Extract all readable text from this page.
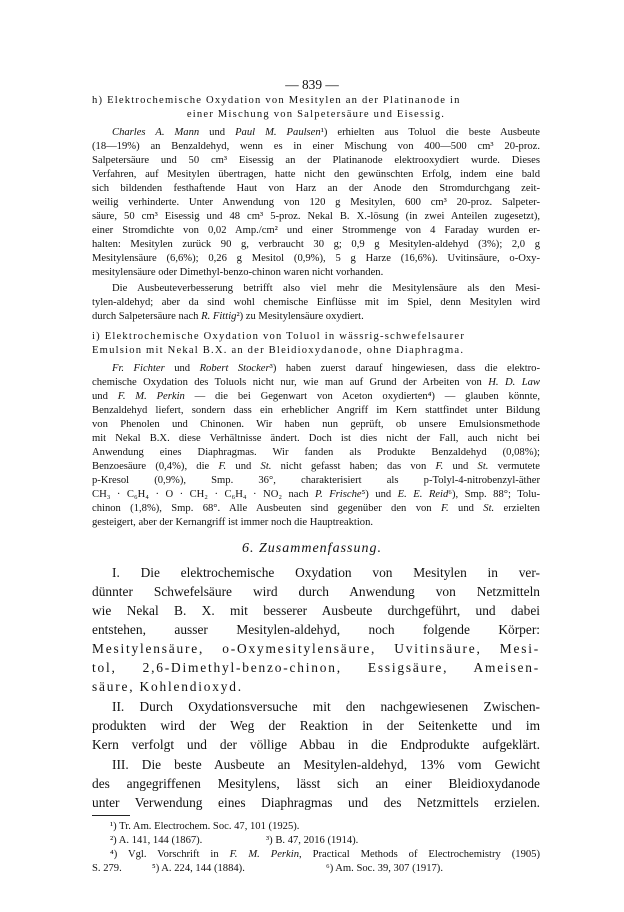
— 839 —
h) Elektrochemische Oxydation von Mesitylen an der Platinanode in
einer Mischung von Salpetersäure und Eisessig.
Charles A. Mann und Paul M. Paulsen¹) erhielten aus Toluol die beste Ausbeute
(18—19%) an Benzaldehyd, wenn es in einer Mischung von 400—500 cm³ 20-proz.
Salpetersäure und 50 cm³ Eisessig an der Platinanode elektrooxydiert wurde. Dieses
Verfahren, auf Mesitylen übertragen, hatte nicht den gewünschten Erfolg, indem eine bald
sich bildenden festhaftende Haut von Harz an der Anode den Stromdurchgang zeit-
weilig verhinderte. Unter Anwendung von 120 g Mesitylen, 600 cm³ 20-proz. Salpeter-
säure, 50 cm³ Eisessig und 48 cm³ 5-proz. Nekal B. X.-lösung (in zwei Anteilen zugesetzt),
einer Stromdichte von 0,02 Amp./cm² und einer Strommenge von 4 Faraday wurden er-
halten: Mesitylen zurück 90 g, verbraucht 30 g; 0,9 g Mesitylen-aldehyd (3%); 2,0 g
Mesitylensäure (6,6%); 0,26 g Mesitol (0,9%), 5 g Harze (16,6%). Uvitinsäure, o-Oxy-
mesitylensäure oder Dimethyl-benzo-chinon waren nicht vorhanden.
Die Ausbeuteverbesserung betrifft also viel mehr die Mesitylensäure als den Mesi-
tylen-aldehyd; aber da sind wohl chemische Einflüsse mit im Spiel, denn Mesitylen wird
durch Salpetersäure nach R. Fittig²) zu Mesitylensäure oxydiert.
i) Elektrochemische Oxydation von Toluol in wässrig-schwefelsaurer
Emulsion mit Nekal B.X. an der Bleidioxydanode, ohne Diaphragma.
Fr. Fichter und Robert Stocker³) haben zuerst darauf hingewiesen, dass die elektro-
chemische Oxydation des Toluols nicht nur, wie man auf Grund der Arbeiten von H. D. Law
und F. M. Perkin — die bei Gegenwart von Aceton oxydierten⁴) — glauben könnte,
Benzaldehyd liefert, sondern dass ein erheblicher Angriff im Kern stattfindet unter Bildung
von Phenolen und Chinonen. Wir haben nun geprüft, ob unsere Emulsionsmethode
mit Nekal B.X. diese Verhältnisse ändert. Doch ist dies nicht der Fall, auch nicht bei
Anwendung eines Diaphragmas. Wir fanden als Produkte Benzaldehyd (0,08%);
Benzoesäure (0,4%), die F. und St. nicht gefasst haben; das von F. und St. vermutete
p-Kresol (0,9%), Smp. 36°, charakterisiert als p-Tolyl-4-nitrobenzyl-äther
CH₃ · C₆H₄ · O · CH₂ · C₆H₄ · NO₂ nach P. Frische⁵) und E. E. Reid⁶), Smp. 88°; Tolu-
chinon (1,8%), Smp. 68°. Alle Ausbeuten sind gegenüber den von F. und St. erzielten
gesteigert, aber der Kernangriff ist immer noch die Hauptreaktion.
6. Zusammenfassung.
I. Die elektrochemische Oxydation von Mesitylen in ver-
dünnter Schwefelsäure wird durch Anwendung von Netzmitteln
wie Nekal B. X. mit besserer Ausbeute durchgeführt, und dabei
entstehen, ausser Mesitylen-aldehyd, noch folgende Körper:
Mesitylensäure, o-Oxymesitylensäure, Uvitinsäure, Mesi-
tol, 2,6-Dimethyl-benzo-chinon, Essigsäure, Ameisen-
säure, Kohlendioxyd.
II. Durch Oxydationsversuche mit den nachgewiesenen Zwischen-
produkten wird der Weg der Reaktion in der Seitenkette und im
Kern verfolgt und der völlige Abbau in die Endprodukte aufgeklärt.
III. Die beste Ausbeute an Mesitylen-aldehyd, 13% vom Gewicht
des angegriffenen Mesitylens, lässt sich an einer Bleidioxydanode
unter Verwendung eines Diaphragmas und des Netzmittels erzielen.
¹) Tr. Am. Electrochem. Soc. 47, 101 (1925).
²) A. 141, 144 (1867).	³) B. 47, 2016 (1914).
⁴) Vgl. Vorschrift in F. M. Perkin, Practical Methods of Electrochemistry (1905)
S. 279.	⁵) A. 224, 144 (1884).	⁶) Am. Soc. 39, 307 (1917).
